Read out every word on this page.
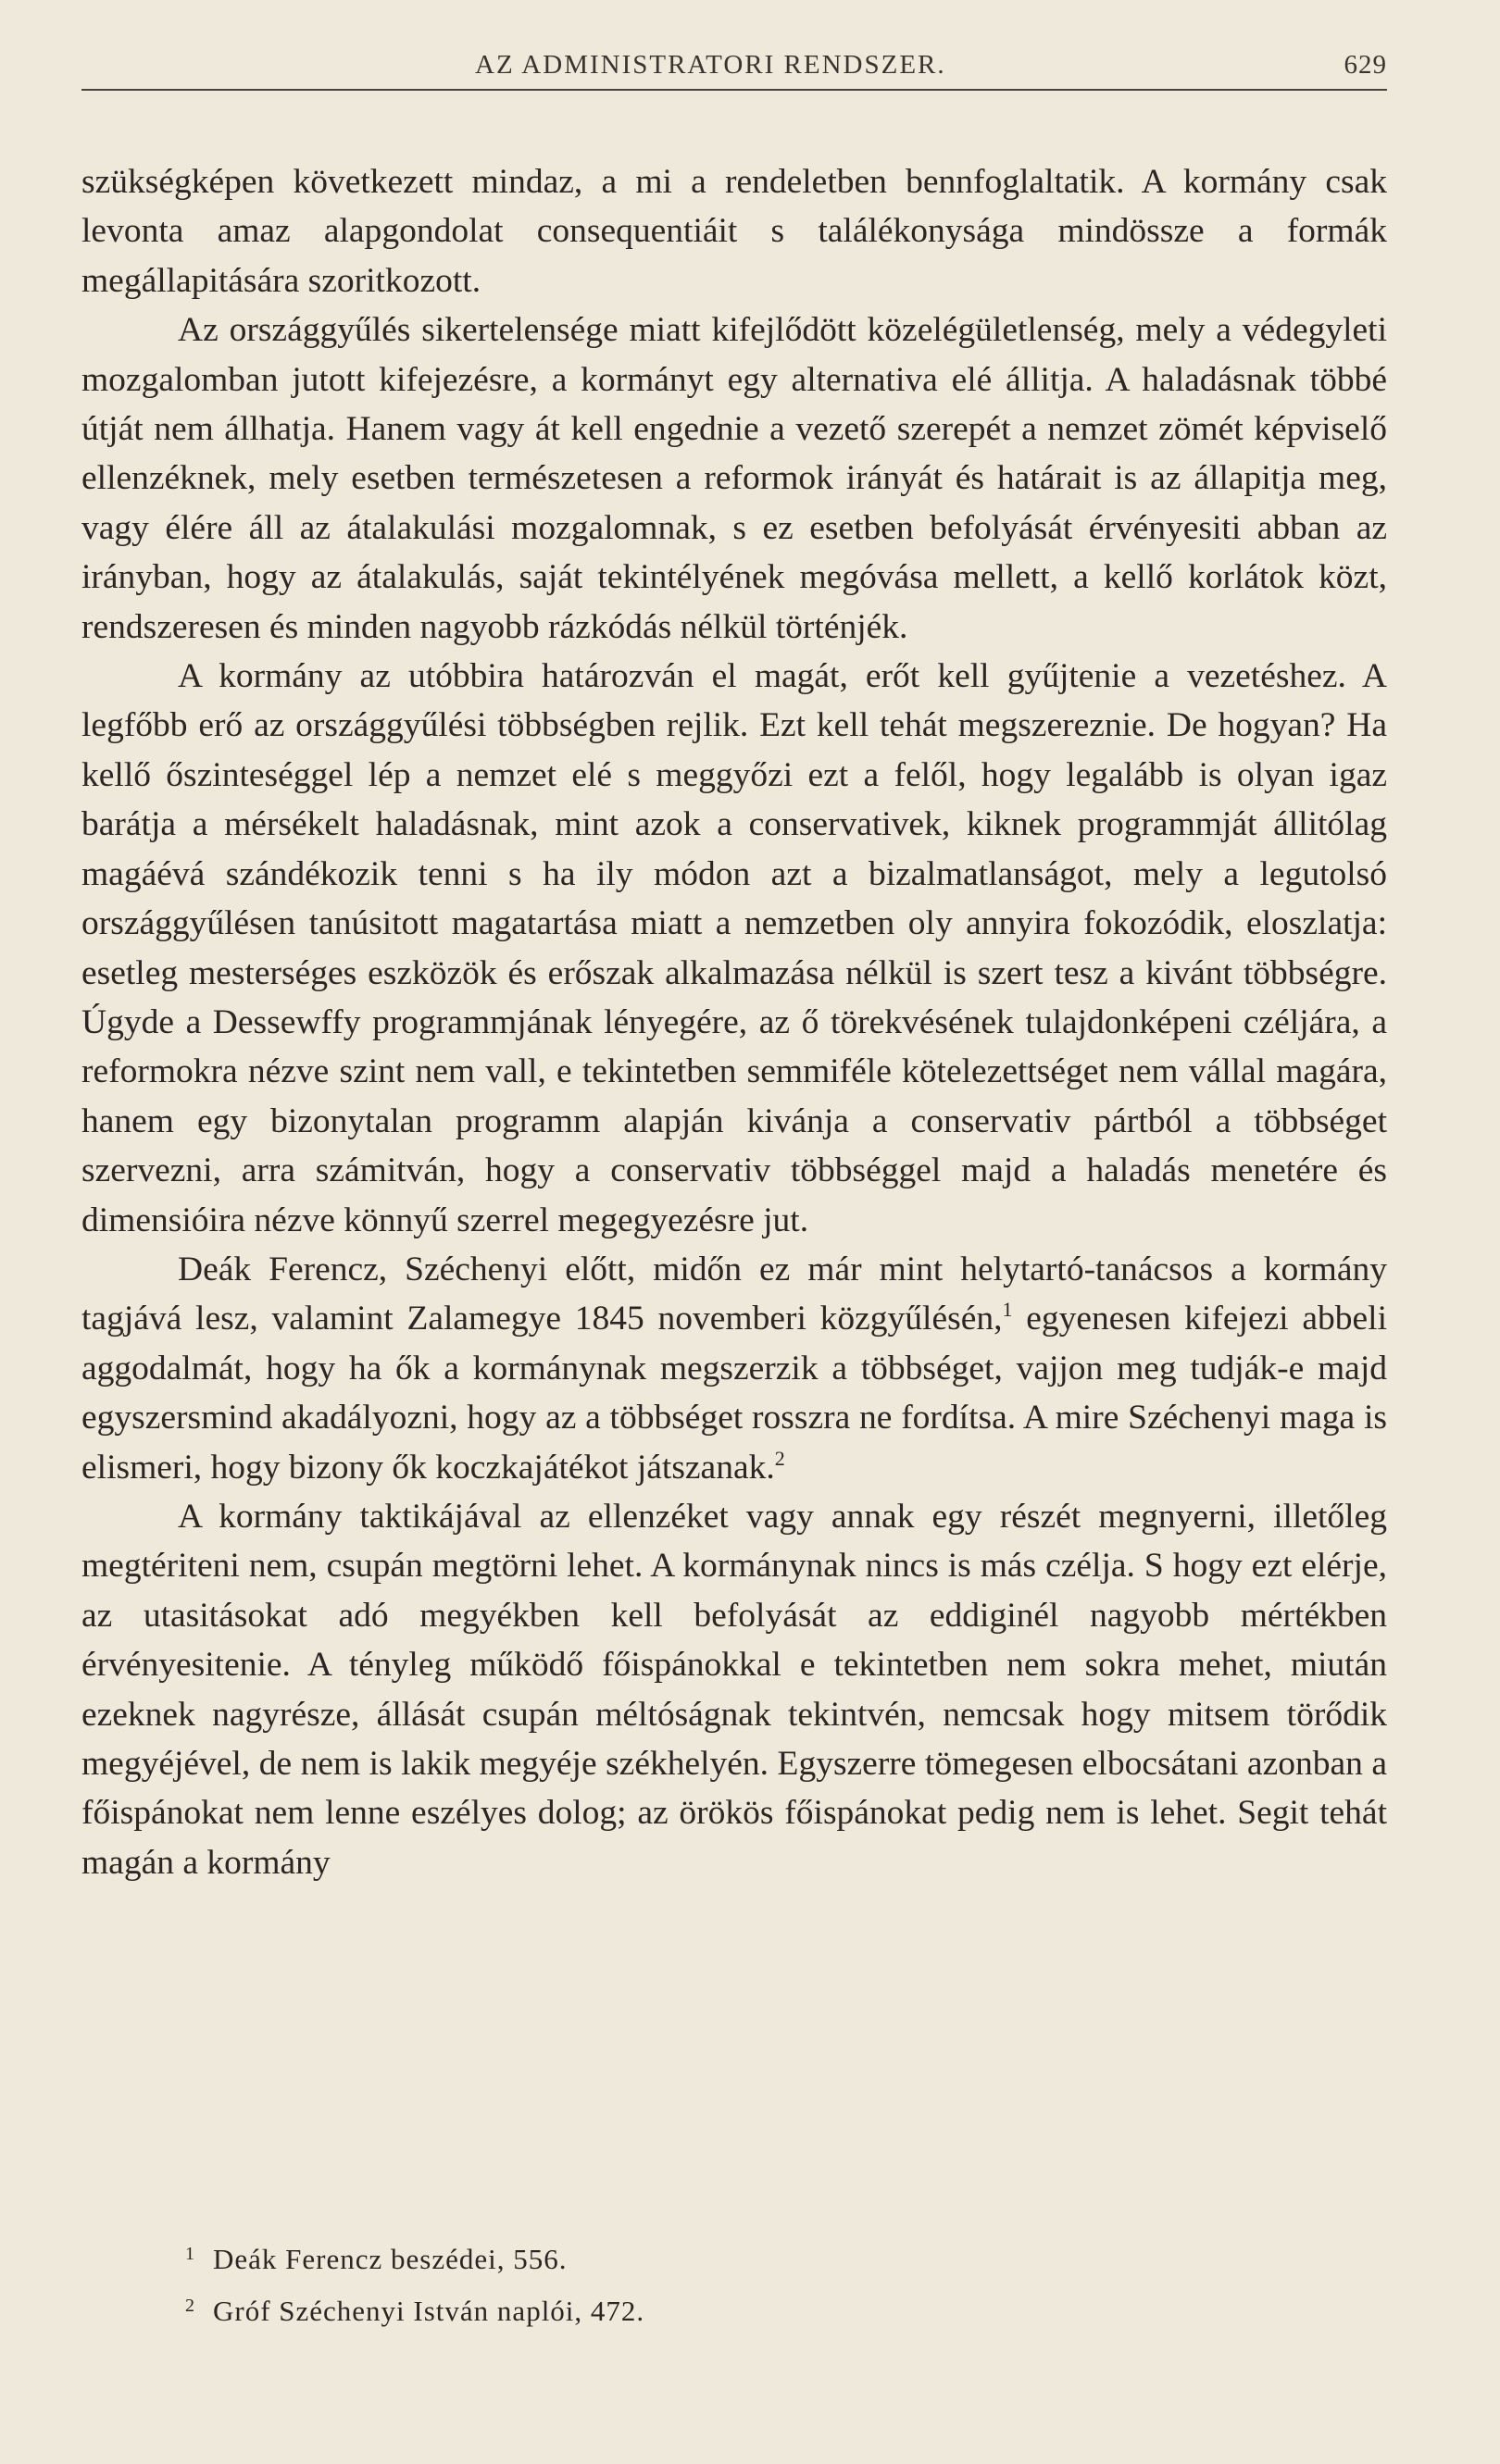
AZ ADMINISTRATORI RENDSZER.	629

szükségképen következett mindaz, a mi a rendeletben bennfoglaltatik. A kormány csak levonta amaz alapgondolat consequentiáit s találékonysága mindössze a formák megállapitására szoritkozott.

Az országgyűlés sikertelensége miatt kifejlődött közelégületlenség, mely a védegyleti mozgalomban jutott kifejezésre, a kormányt egy alternativa elé állitja. A haladásnak többé útját nem állhatja. Hanem vagy át kell engednie a vezető szerepét a nemzet zömét képviselő ellenzéknek, mely esetben természetesen a reformok irányát és határait is az állapitja meg, vagy élére áll az átalakulási mozgalomnak, s ez esetben befolyását érvényesiti abban az irányban, hogy az átalakulás, saját tekintélyének megóvása mellett, a kellő korlátok közt, rendszeresen és minden nagyobb rázkódás nélkül történjék.

A kormány az utóbbira határozván el magát, erőt kell gyűjtenie a vezetéshez. A legfőbb erő az országgyűlési többségben rejlik. Ezt kell tehát megszereznie. De hogyan? Ha kellő őszinteséggel lép a nemzet elé s meggyőzi ezt a felől, hogy legalább is olyan igaz barátja a mérsékelt haladásnak, mint azok a conservativek, kiknek programmját állitólag magáévá szándékozik tenni s ha ily módon azt a bizalmatlanságot, mely a legutolsó országgyűlésen tanúsitott magatartása miatt a nemzetben oly annyira fokozódik, eloszlatja: esetleg mesterséges eszközök és erőszak alkalmazása nélkül is szert tesz a kivánt többségre. Úgyde a Dessewffy programmjának lényegére, az ő törekvésének tulajdonképeni czéljára, a reformokra nézve szint nem vall, e tekintetben semmiféle kötelezettséget nem vállal magára, hanem egy bizonytalan programm alapján kivánja a conservativ pártból a többséget szervezni, arra számitván, hogy a conservativ többséggel majd a haladás menetére és dimensióira nézve könnyű szerrel megegyezésre jut.

Deák Ferencz, Széchenyi előtt, midőn ez már mint helytartó-tanácsos a kormány tagjává lesz, valamint Zalamegye 1845 novemberi közgyűlésén,$^1$ egyenesen kifejezi abbeli aggodalmát, hogy ha ők a kormánynak megszerzik a többséget, vajjon meg tudják-e majd egyszersmind akadályozni, hogy az a többséget rosszra ne fordítsa. A mire Széchenyi maga is elismeri, hogy bizony ők koczkajátékot játszanak.$^2$

A kormány taktikájával az ellenzéket vagy annak egy részét megnyerni, illetőleg megtériteni nem, csupán megtörni lehet. A kormánynak nincs is más czélja. S hogy ezt elérje, az utasitásokat adó megyékben kell befolyását az eddiginél nagyobb mértékben érvényesitenie. A tényleg működő főispánokkal e tekintetben nem sokra mehet, miután ezeknek nagyrésze, állását csupán méltóságnak tekintvén, nemcsak hogy mitsem törődik megyéjével, de nem is lakik megyéje székhelyén. Egyszerre tömegesen elbocsátani azonban a főispánokat nem lenne eszélyes dolog; az örökös főispánokat pedig nem is lehet. Segit tehát magán a kormány

1 Deák Ferencz beszédei, 556.

2 Gróf Széchenyi István naplói, 472.
